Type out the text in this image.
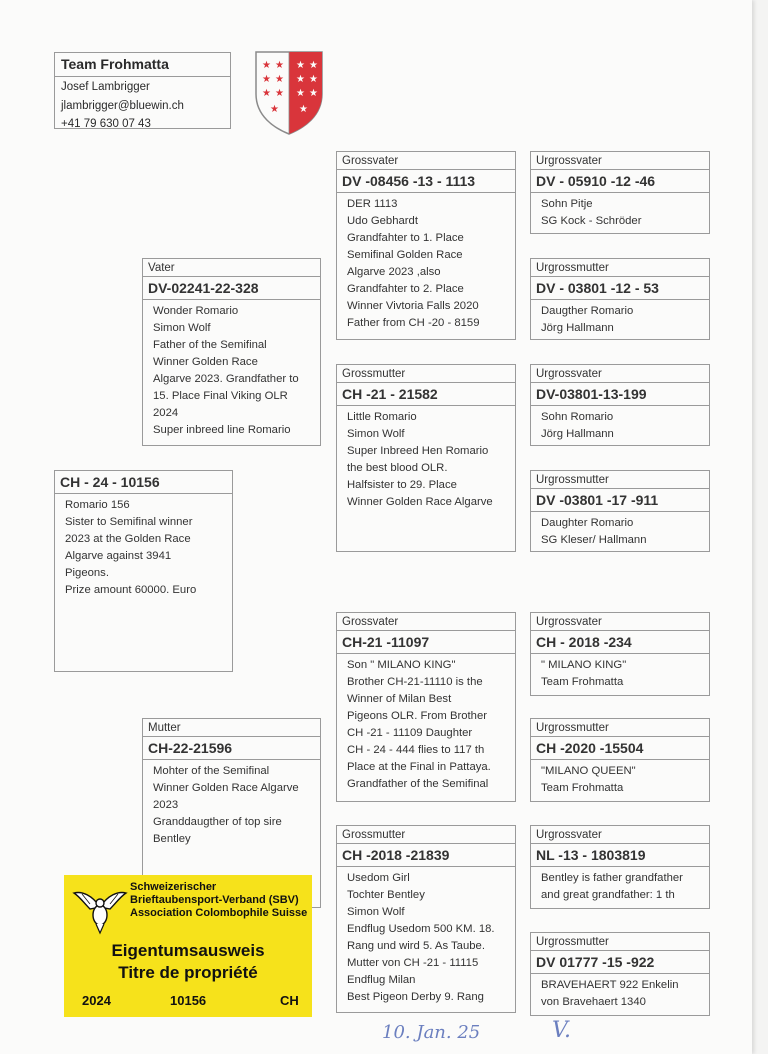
Team Frohmatta
Josef Lambrigger
jlambrigger@bluewin.ch
+41 79 630 07 43
★ ★
★ ★
★ ★
★
★ ★
★ ★
★ ★
★
CH - 24 - 10156
Romario 156
Sister to Semifinal winner
2023 at the Golden Race
Algarve against 3941
Pigeons.
Prize amount 60000. Euro
Vater
DV-02241-22-328
Wonder Romario
Simon Wolf
Father of the Semifinal
Winner Golden Race
Algarve 2023. Grandfather to
15. Place Final Viking OLR
2024
Super inbreed line Romario
Mutter
CH-22-21596
Mohter of the Semifinal
Winner Golden Race Algarve
2023
Granddaugther of top sire
Bentley
Grossvater
DV -08456 -13 - 1113
DER 1113
Udo Gebhardt
Grandfahter to 1. Place
Semifinal Golden Race
Algarve 2023 ,also
Grandfahter to 2. Place
Winner Vivtoria Falls 2020
Father from CH -20 - 8159
Grossmutter
CH -21 - 21582
Little Romario
Simon Wolf
Super Inbreed Hen Romario
the best blood OLR.
Halfsister to 29. Place
Winner Golden Race Algarve
Grossvater
CH-21 -11097
Son " MILANO KING"
Brother CH-21-11110 is the
Winner of Milan Best
Pigeons OLR. From Brother
CH -21 - 11109 Daughter
CH - 24 - 444 flies to 117 th
Place at the Final in Pattaya.
Grandfather of the Semifinal
Grossmutter
CH -2018 -21839
Usedom Girl
Tochter Bentley
Simon Wolf
Endflug Usedom 500 KM. 18.
Rang und wird 5. As Taube.
Mutter von CH -21 - 11115
Endflug Milan
Best Pigeon Derby 9. Rang
Urgrossvater
DV - 05910 -12 -46
Sohn Pitje
SG Kock - Schröder
Urgrossmutter
DV - 03801 -12 - 53
Daugther Romario
Jörg Hallmann
Urgrossvater
DV-03801-13-199
Sohn Romario
Jörg Hallmann
Urgrossmutter
DV -03801 -17 -911
Daughter Romario
SG Kleser/ Hallmann
Urgrossvater
CH - 2018 -234
" MILANO KING"
Team Frohmatta
Urgrossmutter
CH -2020 -15504
"MILANO QUEEN"
Team Frohmatta
Urgrossvater
NL -13 - 1803819
Bentley is father grandfather
and great grandfather: 1 th
Urgrossmutter
DV 01777 -15 -922
BRAVEHAERT 922 Enkelin
von Bravehaert 1340
Schweizerischer
Brieftaubensport-Verband (SBV)
Association Colombophile Suisse
Eigentumsausweis
Titre de propriété
2024	10156	CH
10. Jan. 25	V.
